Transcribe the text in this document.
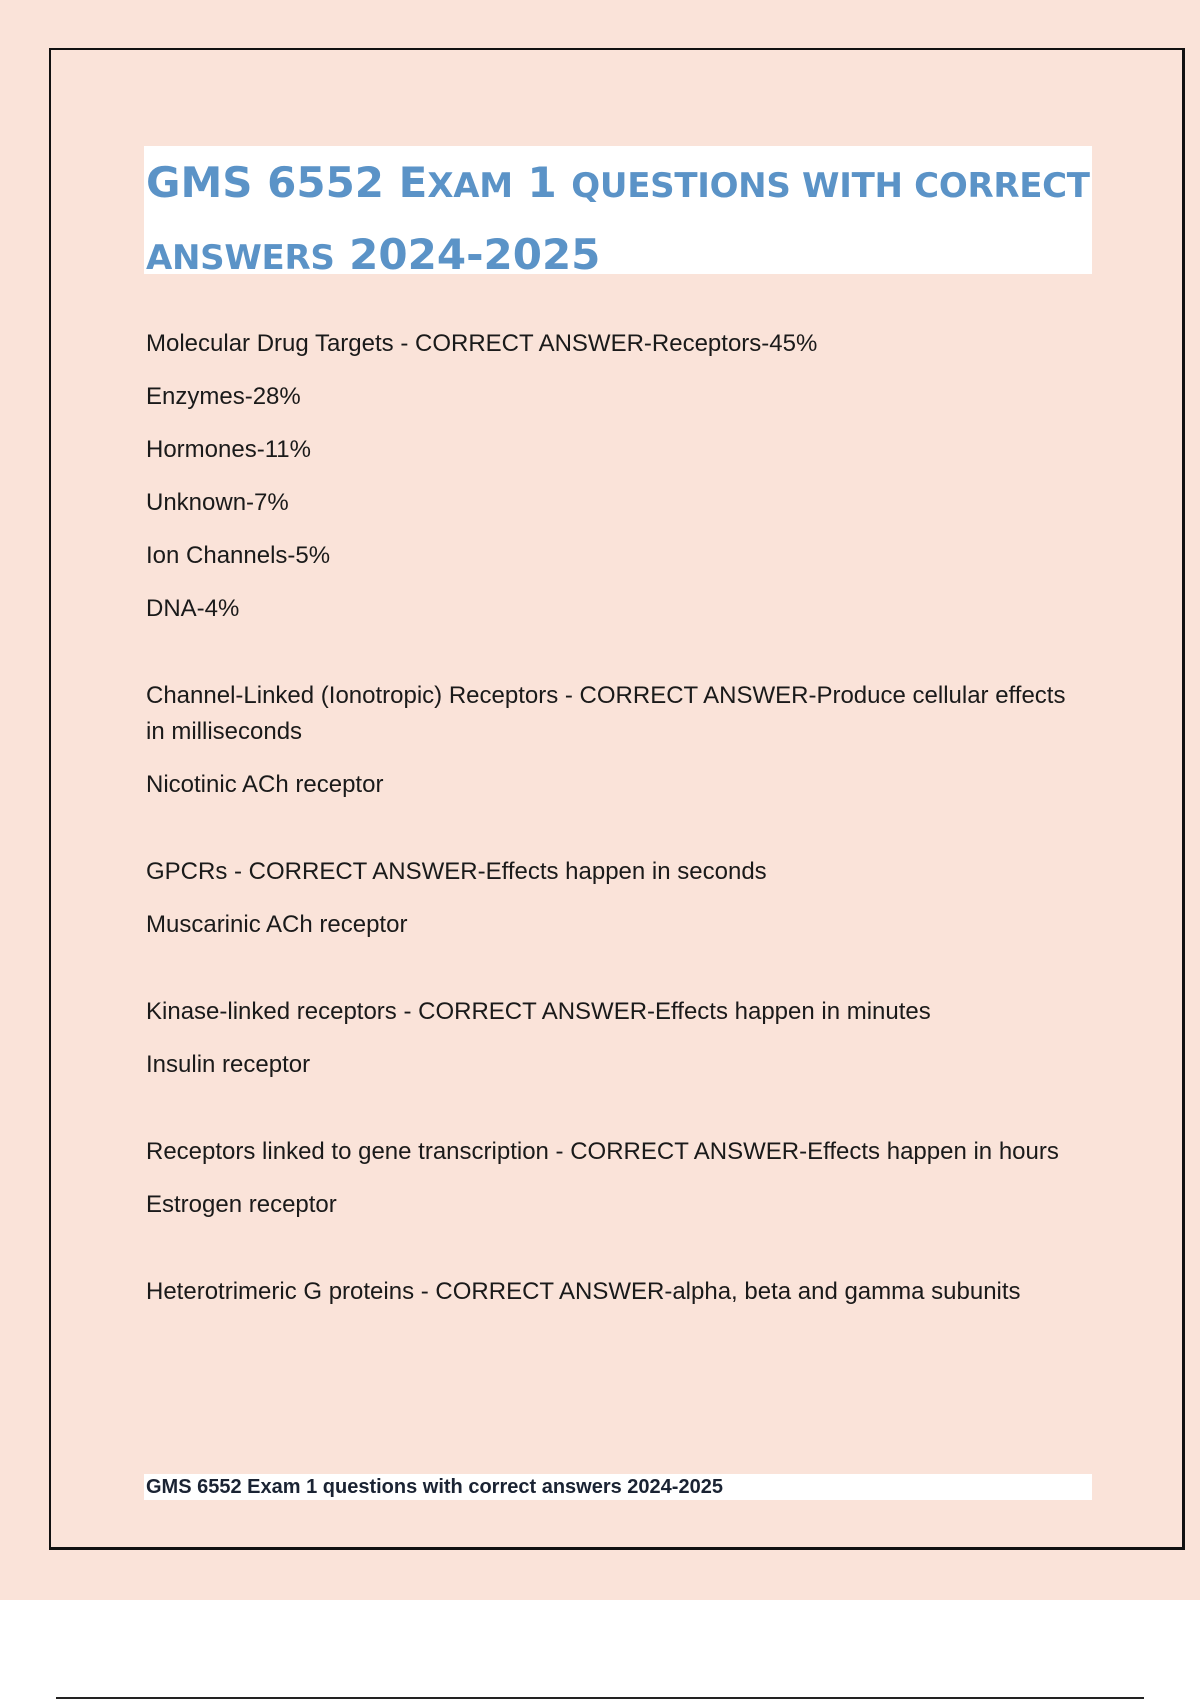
GMS 6552 EXAM 1 QUESTIONS WITH CORRECT
ANSWERS 2024-2025

Molecular Drug Targets - CORRECT ANSWER-Receptors-45%

Enzymes-28%

Hormones-11%

Unknown-7%

Ion Channels-5%

DNA-4%

Channel-Linked (Ionotropic) Receptors - CORRECT ANSWER-Produce cellular effects in milliseconds

Nicotinic ACh receptor

GPCRs - CORRECT ANSWER-Effects happen in seconds

Muscarinic ACh receptor

Kinase-linked receptors - CORRECT ANSWER-Effects happen in minutes

Insulin receptor

Receptors linked to gene transcription - CORRECT ANSWER-Effects happen in hours

Estrogen receptor

Heterotrimeric G proteins - CORRECT ANSWER-alpha, beta and gamma subunits

GMS 6552 Exam 1 questions with correct answers 2024-2025
